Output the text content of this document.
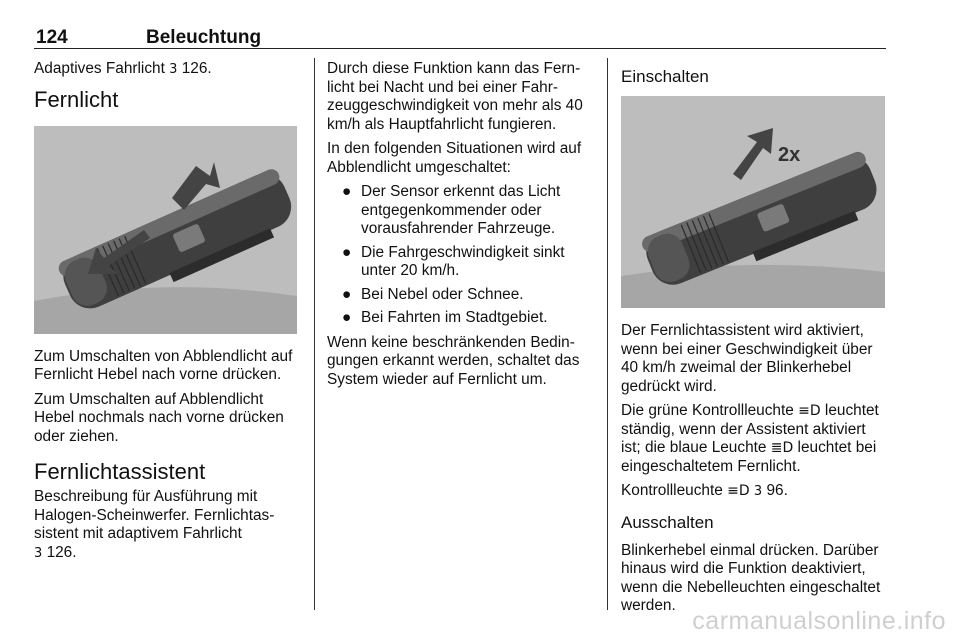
124	Beleuchtung

Adaptives Fahrlicht 3 126.

Fernlicht

Zum Umschalten von Abblendlicht auf Fernlicht Hebel nach vorne drücken.

Zum Umschalten auf Abblendlicht Hebel nochmals nach vorne drücken oder ziehen.

Fernlichtassistent

Beschreibung für Ausführung mit Halogen-Scheinwerfer. Fernlichtassistent mit adaptivem Fahrlicht

3 126.

Durch diese Funktion kann das Fernlicht bei Nacht und bei einer Fahrzeuggeschwindigkeit von mehr als 40 km/h als Hauptfahrlicht fungieren.

In den folgenden Situationen wird auf Abblendlicht umgeschaltet:

● Der Sensor erkennt das Licht entgegenkommender oder vorausfahrender Fahrzeuge.
● Die Fahrgeschwindigkeit sinkt unter 20 km/h.
● Bei Nebel oder Schnee.
● Bei Fahrten im Stadtgebiet.

Wenn keine beschränkenden Bedingungen erkannt werden, schaltet das System wieder auf Fernlicht um.

Einschalten
2x

Der Fernlichtassistent wird aktiviert, wenn bei einer Geschwindigkeit über 40 km/h zweimal der Blinkerhebel gedrückt wird.

Die grüne Kontrollleuchte ≡D leuchtet ständig, wenn der Assistent aktiviert ist; die blaue Leuchte ≣D leuchtet bei eingeschaltetem Fernlicht.

Kontrollleuchte ≡D 3 96.

Ausschalten

Blinkerhebel einmal drücken. Darüber hinaus wird die Funktion deaktiviert, wenn die Nebelleuchten eingeschaltet werden.

carmanualsonline.info
